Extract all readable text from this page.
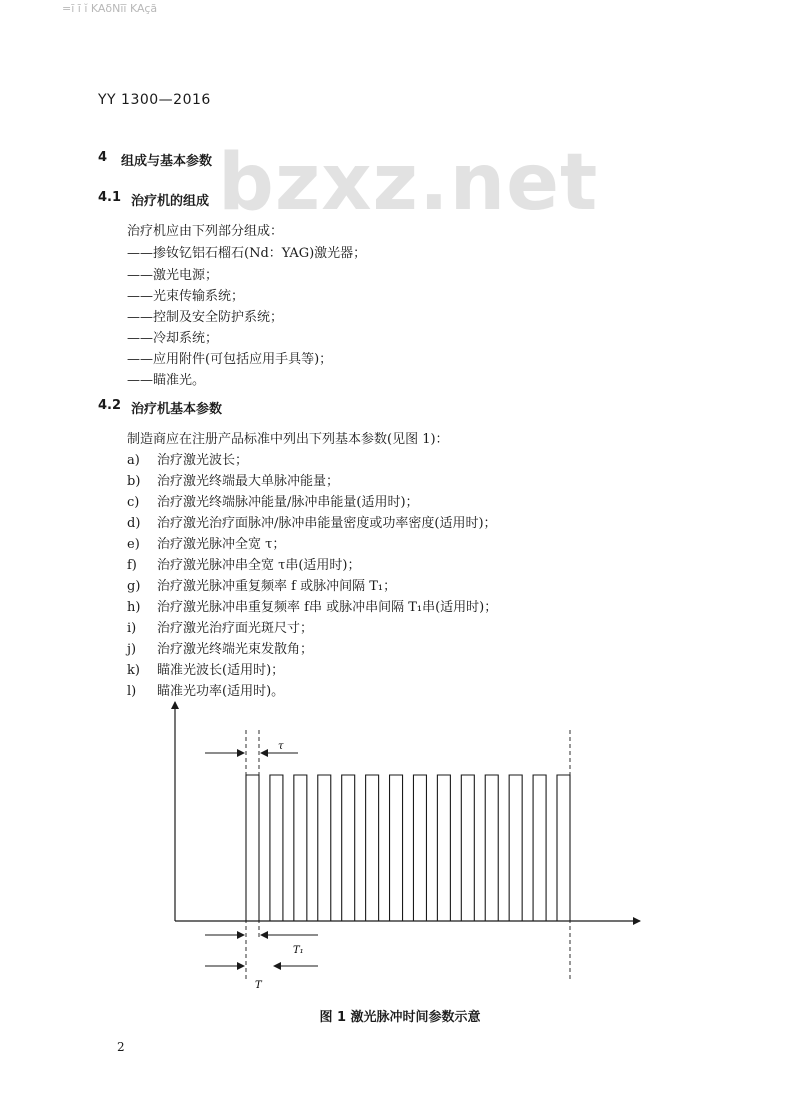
=ī ī ĭ KAδNīī KAçã
YY 1300—2016
bzxz.net
4 组成与基本参数
4.1 治疗机的组成
治疗机应由下列部分组成：
——掺钕钇铝石榴石(Nd：YAG)激光器；
——激光电源；
——光束传输系统；
——控制及安全防护系统；
——冷却系统；
——应用附件(可包括应用手具等)；
——瞄准光。
4.2 治疗机基本参数
制造商应在注册产品标准中列出下列基本参数(见图 1)：
a) 治疗激光波长；
b) 治疗激光终端最大单脉冲能量；
c) 治疗激光终端脉冲能量/脉冲串能量(适用时)；
d) 治疗激光治疗面脉冲/脉冲串能量密度或功率密度(适用时)；
e) 治疗激光脉冲全宽 τ；
f) 治疗激光脉冲串全宽 τ串(适用时)；
g) 治疗激光脉冲重复频率 f 或脉冲间隔 T₁；
h) 治疗激光脉冲串重复频率 f串 或脉冲串间隔 T₁串(适用时)；
i) 治疗激光治疗面光斑尺寸；
j) 治疗激光终端光束发散角；
k) 瞄准光波长(适用时)；
l) 瞄准光功率(适用时)。
τ
T₁
T
图 1 激光脉冲时间参数示意
2
